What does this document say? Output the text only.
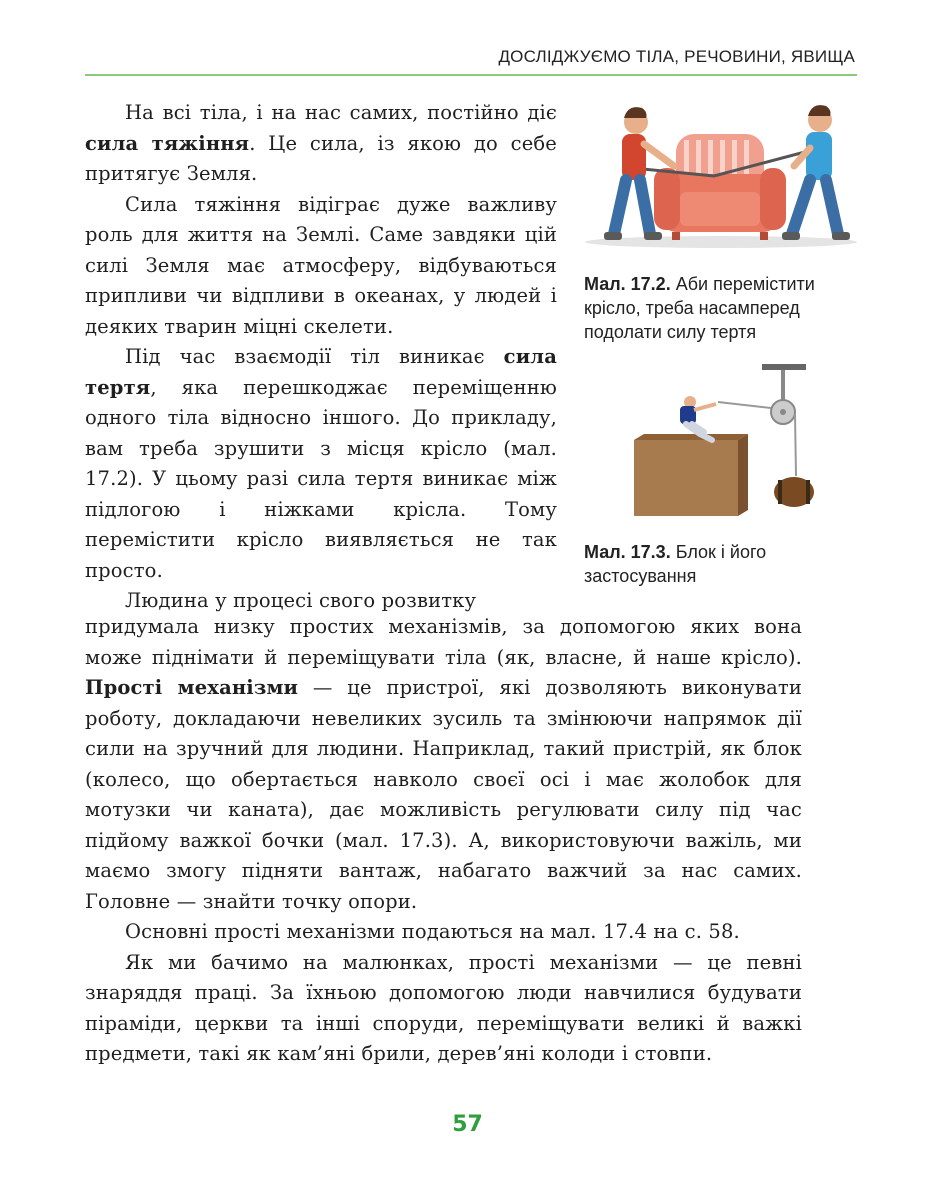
ДОСЛІДЖУЄМО ТІЛА, РЕЧОВИНИ, ЯВИЩА

На всі тіла, і на нас самих, постійно діє сила тяжіння. Це сила, із якою до себе притягує Земля.

Сила тяжіння відіграє дуже важливу роль для життя на Землі. Саме завдяки цій силі Земля має атмосферу, відбуваються припливи чи відпливи в океанах, у людей і деяких тварин міцні скелети.

Під час взаємодії тіл виникає сила тертя, яка перешкоджає переміщенню одного тіла відносно іншого. До прикладу, вам треба зрушити з місця крісло (мал. 17.2). У цьому разі сила тертя виникає між підлогою і ніжками крісла. Тому перемістити крісло виявляється не так просто.

Людина у процесі свого розвитку

придумала низку простих механізмів, за допомогою яких вона може піднімати й переміщувати тіла (як, власне, й наше крісло). Прості механізми — це пристрої, які дозволяють виконувати роботу, докладаючи невеликих зусиль та змінюючи напрямок дії сили на зручний для людини. Наприклад, такий пристрій, як блок (колесо, що обертається навколо своєї осі і має жолобок для мотузки чи каната), дає можливість регулювати силу під час підйому важкої бочки (мал. 17.3). А, використовуючи важіль, ми маємо змогу підняти вантаж, набагато важчий за нас самих. Головне — знайти точку опори.

Основні прості механізми подаються на мал. 17.4 на с. 58.

Як ми бачимо на малюнках, прості механізми — це певні знаряддя праці. За їхньою допомогою люди навчилися будувати піраміди, церкви та інші споруди, переміщувати великі й важкі предмети, такі як кам’яні брили, дерев’яні колоди і стовпи.

Мал. 17.2. Аби перемістити крісло, треба насамперед подолати силу тертя
Мал. 17.3. Блок і його застосування
57
